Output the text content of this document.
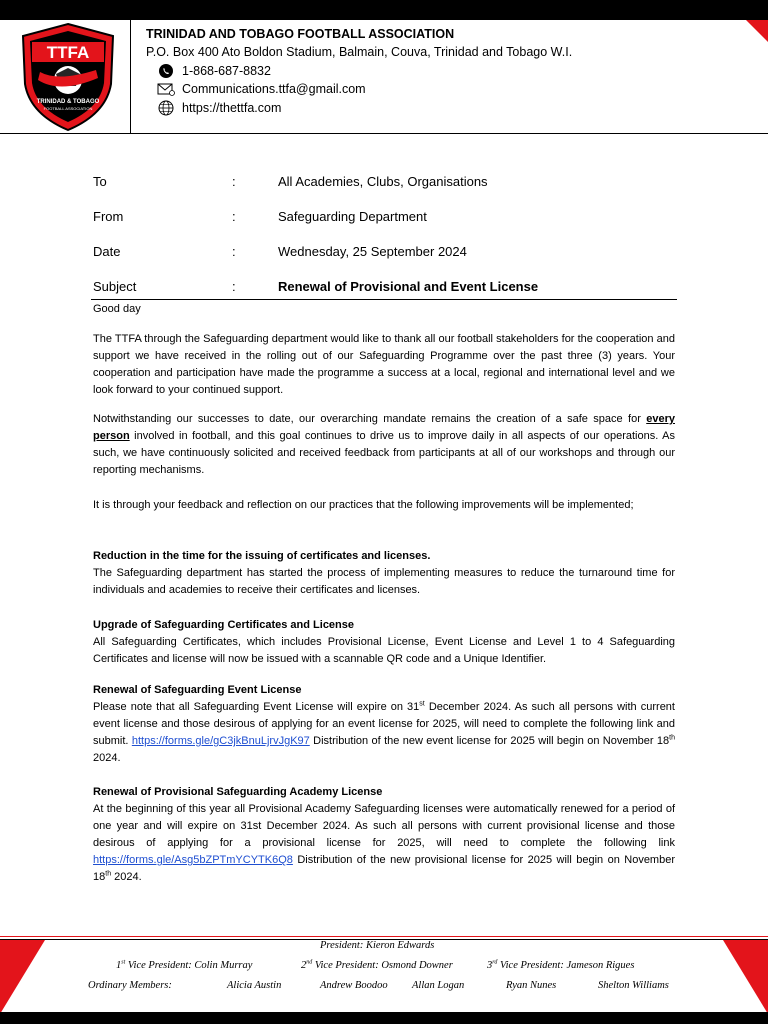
TTFA
TRINIDAD & TOBAGO
FOOTBALL ASSOCIATION
TRINIDAD AND TOBAGO FOOTBALL ASSOCIATION
P.O. Box 400 Ato Boldon Stadium, Balmain, Couva, Trinidad and Tobago W.I.
1-868-687-8832
Communications.ttfa@gmail.com
https://thettfa.com
To	:	All Academies, Clubs, Organisations
From	:	Safeguarding Department
Date	:	Wednesday, 25 September 2024
Subject	:	Renewal of Provisional and Event License
Good day

The TTFA through the Safeguarding department would like to thank all our football stakeholders for the cooperation and support we have received in the rolling out of our Safeguarding Programme over the past three (3) years. Your cooperation and participation have made the programme a success at a local, regional and international level and we look forward to your continued support.

Notwithstanding our successes to date, our overarching mandate remains the creation of a safe space for every person involved in football, and this goal continues to drive us to improve daily in all aspects of our operations. As such, we have continuously solicited and received feedback from participants at all of our workshops and through our reporting mechanisms.

It is through your feedback and reflection on our practices that the following improvements will be implemented;

Reduction in the time for the issuing of certificates and licenses.

The Safeguarding department has started the process of implementing measures to reduce the turnaround time for individuals and academies to receive their certificates and licenses.

Upgrade of Safeguarding Certificates and License

All Safeguarding Certificates, which includes Provisional License, Event License and Level 1 to 4 Safeguarding Certificates and license will now be issued with a scannable QR code and a Unique Identifier.

Renewal of Safeguarding Event License

Please note that all Safeguarding Event License will expire on 31st December 2024. As such all persons with current event license and those desirous of applying for an event license for 2025, will need to complete the following link and submit. https://forms.gle/gC3jkBnuLjrvJgK97 Distribution of the new event license for 2025 will begin on November 18th 2024.

Renewal of Provisional Safeguarding Academy License

At the beginning of this year all Provisional Academy Safeguarding licenses were automatically renewed for a period of one year and will expire on 31st December 2024. As such all persons with current provisional license and those desirous of applying for a provisional license for 2025, will need to complete the following link https://forms.gle/Asg5bZPTmYCYTK6Q8 Distribution of the new provisional license for 2025 will begin on November 18th 2024.

President: Kieron Edwards
1st Vice President: Colin Murray	2nd Vice President: Osmond Downer	3rd Vice President: Jameson Rigues
Ordinary Members:	Alicia Austin	Andrew Boodoo Allan Logan	Ryan Nunes	Shelton Williams
